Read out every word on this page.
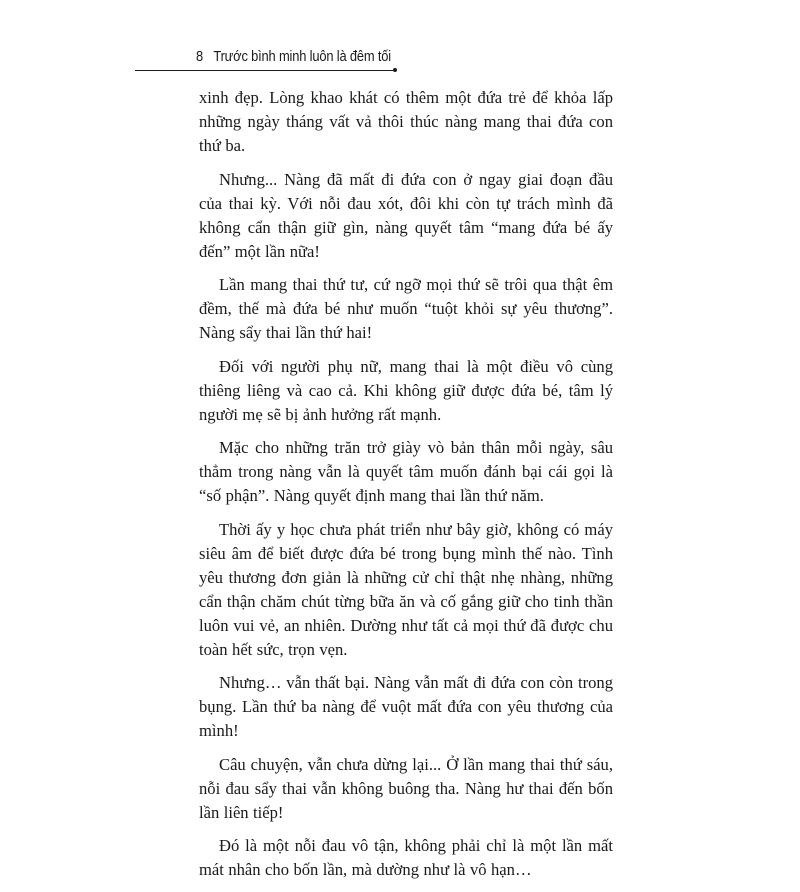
8 Trước bình minh luôn là đêm tối

xinh đẹp. Lòng khao khát có thêm một đứa trẻ để khỏa lấp những ngày tháng vất vả thôi thúc nàng mang thai đứa con thứ ba.

Nhưng... Nàng đã mất đi đứa con ở ngay giai đoạn đầu của thai kỳ. Với nỗi đau xót, đôi khi còn tự trách mình đã không cẩn thận giữ gìn, nàng quyết tâm “mang đứa bé ấy đến” một lần nữa!

Lần mang thai thứ tư, cứ ngỡ mọi thứ sẽ trôi qua thật êm đềm, thế mà đứa bé như muốn “tuột khỏi sự yêu thương”. Nàng sẩy thai lần thứ hai!

Đối với người phụ nữ, mang thai là một điều vô cùng thiêng liêng và cao cả. Khi không giữ được đứa bé, tâm lý người mẹ sẽ bị ảnh hưởng rất mạnh.

Mặc cho những trăn trở giày vò bản thân mỗi ngày, sâu thẳm trong nàng vẫn là quyết tâm muốn đánh bại cái gọi là “số phận”. Nàng quyết định mang thai lần thứ năm.

Thời ấy y học chưa phát triển như bây giờ, không có máy siêu âm để biết được đứa bé trong bụng mình thế nào. Tình yêu thương đơn giản là những cử chỉ thật nhẹ nhàng, những cẩn thận chăm chút từng bữa ăn và cố gắng giữ cho tinh thần luôn vui vẻ, an nhiên. Dường như tất cả mọi thứ đã được chu toàn hết sức, trọn vẹn.

Nhưng… vẫn thất bại. Nàng vẫn mất đi đứa con còn trong bụng. Lần thứ ba nàng để vuột mất đứa con yêu thương của mình!

Câu chuyện, vẫn chưa dừng lại... Ở lần mang thai thứ sáu, nỗi đau sẩy thai vẫn không buông tha. Nàng hư thai đến bốn lần liên tiếp!

Đó là một nỗi đau vô tận, không phải chỉ là một lần mất mát nhân cho bốn lần, mà dường như là vô hạn…
